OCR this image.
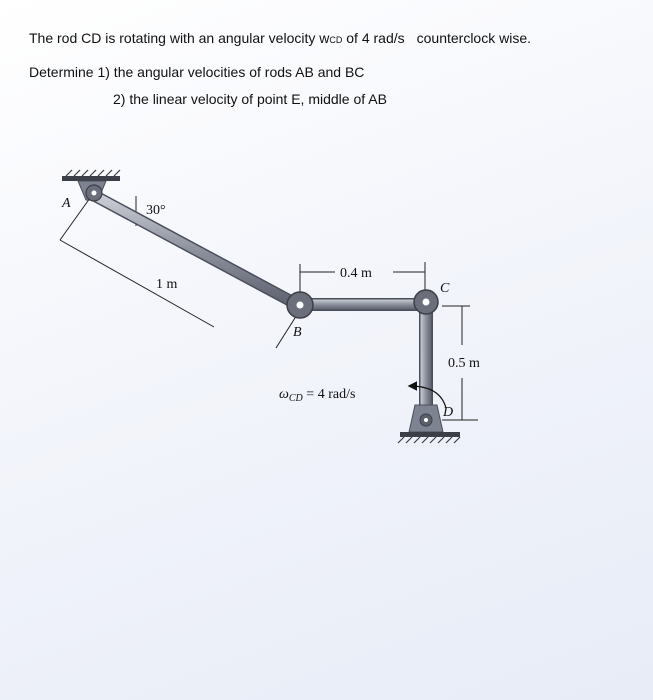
The rod CD is rotating with an angular velocity wCD of 4 rad/s counterclock wise.
Determine 1) the angular velocities of rods AB and BC
2) the linear velocity of point E, middle of AB
A
B
C
D
30°
1 m
0.4 m
0.5 m
$\omega_{CD} = 4$ rad/s
